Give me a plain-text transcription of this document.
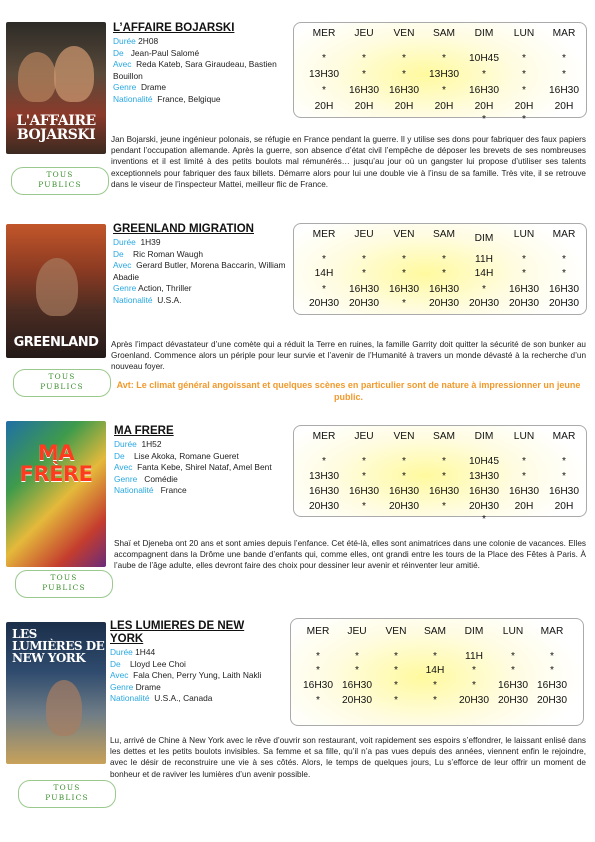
L'AFFAIRE BOJARSKI
L’AFFAIRE BOJARSKI
Durée 2H08
De Jean-Paul Salomé
Avec Reda Kateb, Sara Giraudeau, Bastien Bouillon
Genre Drame
Nationalité France, Belgique
MER
*
13H30
*
20H
JEU
*
*
16H30
20H
VEN
*
*
16H30
20H
SAM
*
13H30
*
20H
DIM
10H45
*
16H30
20H
*
LUN
*
*
*
20H
*
MAR
*
*
16H30
20H
Jan Bojarski, jeune ingénieur polonais, se réfugie en France pendant la guerre. Il y utilise ses dons pour fabriquer des faux papiers pendant l’occupation allemande. Après la guerre, son absence d’état civil l’empêche de déposer les brevets de ses nombreuses inventions et il est limité à des petits boulots mal rémunérés… jusqu’au jour où un gangster lui propose d’utiliser ses talents exceptionnels pour fabriquer des faux billets. Démarre alors pour lui une double vie à l’insu de sa famille. Très vite, il se retrouve dans le viseur de l’inspecteur Mattei, meilleur flic de France.
TOUS
PUBLICS
GREENLAND
GREENLAND MIGRATION
Durée 1H39
De Ric Roman Waugh
Avec Gerard Butler, Morena Baccarin, William Abadie
Genre Action, Thriller
Nationalité U.S.A.
MER
*
14H
*
20H30
JEU
*
*
16H30
20H30
VEN
*
*
16H30
*
SAM
*
*
16H30
20H30
DIM
11H
14H
*
20H30
LUN
*
*
16H30
20H30
MAR
*
*
16H30
20H30
Après l’impact dévastateur d’une comète qui a réduit la Terre en ruines, la famille Garrity doit quitter la sécurité de son bunker au Groenland. Commence alors un périple pour leur survie et l’avenir de l’Humanité à travers un monde dévasté à la recherche d’un nouveau foyer.
Avt: Le climat général angoissant et quelques scènes en particulier sont de nature à impressionner un jeune public.
TOUS
PUBLICS
MA FRÈRE
MA FRERE
Durée 1H52
De Lise Akoka, Romane Gueret
Avec Fanta Kebe, Shirel Nataf, Amel Bent
Genre Comédie
Nationalité France
MER
*
13H30
16H30
20H30
JEU
*
*
16H30
*
VEN
*
*
16H30
20H30
SAM
*
*
16H30
*
DIM
10H45
13H30
16H30
20H30
*
LUN
*
*
16H30
20H
MAR
*
*
16H30
20H
Shaï et Djeneba ont 20 ans et sont amies depuis l’enfance. Cet été-là, elles sont animatrices dans une colonie de vacances. Elles accompagnent dans la Drôme une bande d’enfants qui, comme elles, ont grandi entre les tours de la Place des Fêtes à Paris. À l’aube de l’âge adulte, elles devront faire des choix pour dessiner leur avenir et réinventer leur amitié.
TOUS
PUBLICS
LES LUMIÈRES DE NEW YORK
LES LUMIERES DE NEW YORK
Durée 1H44
De Lloyd Lee Choi
Avec Fala Chen, Perry Yung, Laith Nakli
Genre Drame
Nationalité U.S.A., Canada
MER
*
*
16H30
*
JEU
*
*
16H30
20H30
VEN
*
*
*
*
SAM
*
14H
*
*
DIM
11H
*
*
20H30
LUN
*
*
16H30
20H30
MAR
*
*
16H30
20H30
Lu, arrivé de Chine à New York avec le rêve d’ouvrir son restaurant, voit rapidement ses espoirs s’effondrer, le laissant enlisé dans les dettes et les petits boulots invisibles. Sa femme et sa fille, qu’il n’a pas vues depuis des années, viennent enfin le rejoindre, avec le désir de reconstruire une vie à ses côtés. Alors, le temps de quelques jours, Lu s’efforce de leur offrir un moment de bonheur et de raviver les lumières d’un avenir possible.
TOUS
PUBLICS
